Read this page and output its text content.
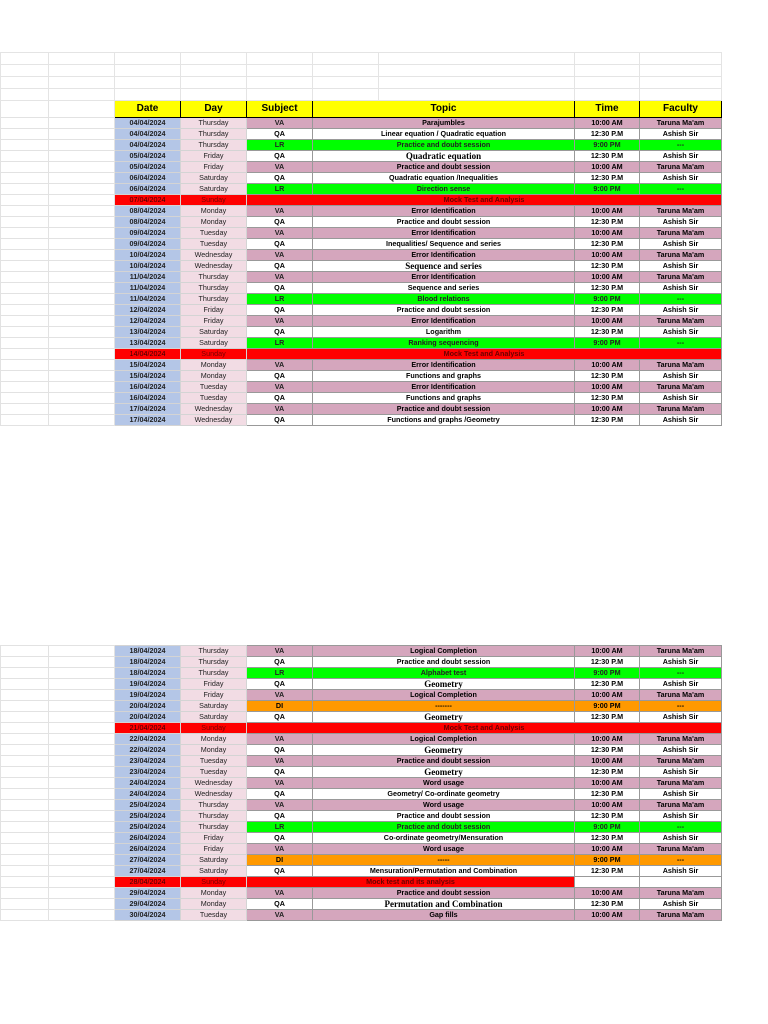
		Date	Day	Subject	Topic		Time	Faculty
		04/04/2024	Thursday	VA	Parajumbles		10:00 AM	Taruna Ma'am
		04/04/2024	Thursday	QA	Linear equation / Quadratic equation		12:30 P.M	Ashish Sir
		04/04/2024	Thursday	LR	Practice and doubt session		9:00 PM	---
		05/04/2024	Friday	QA	Quadratic equation		12:30 P.M	Ashish Sir
		05/04/2024	Friday	VA	Practice and doubt session		10:00 AM	Taruna Ma'am
		06/04/2024	Saturday	QA	Quadratic equation /Inequalities		12:30 P.M	Ashish Sir
		06/04/2024	Saturday	LR	Direction sense		9:00 PM	---
		07/04/2024	Sunday	Mock Test and Analysis				
		08/04/2024	Monday	VA	Error Identification		10:00 AM	Taruna Ma'am
		08/04/2024	Monday	QA	Practice and doubt session		12:30 P.M	Ashish Sir
		09/04/2024	Tuesday	VA	Error Identification		10:00 AM	Taruna Ma'am
		09/04/2024	Tuesday	QA	Inequalities/ Sequence and series		12:30 P.M	Ashish Sir
		10/04/2024	Wednesday	VA	Error Identification		10:00 AM	Taruna Ma'am
		10/04/2024	Wednesday	QA	Sequence and series		12:30 P.M	Ashish Sir
		11/04/2024	Thursday	VA	Error Identification		10:00 AM	Taruna Ma'am
		11/04/2024	Thursday	QA	Sequence and series		12:30 P.M	Ashish Sir
		11/04/2024	Thursday	LR	Blood relations		9:00 PM	---
		12/04/2024	Friday	QA	Practice and doubt session		12:30 P.M	Ashish Sir
		12/04/2024	Friday	VA	Error Identification		10:00 AM	Taruna Ma'am
		13/04/2024	Saturday	QA	Logarithm		12:30 P.M	Ashish Sir
		13/04/2024	Saturday	LR	Ranking sequencing		9:00 PM	---
		14/04/2024	Sunday	Mock Test and Analysis				
		15/04/2024	Monday	VA	Error Identification		10:00 AM	Taruna Ma'am
		15/04/2024	Monday	QA	Functions and graphs		12:30 P.M	Ashish Sir
		16/04/2024	Tuesday	VA	Error Identification		10:00 AM	Taruna Ma'am
		16/04/2024	Tuesday	QA	Functions and graphs		12:30 P.M	Ashish Sir
		17/04/2024	Wednesday	VA	Practice and doubt session		10:00 AM	Taruna Ma'am
		17/04/2024	Wednesday	QA	Functions and graphs /Geometry		12:30 P.M	Ashish Sir
		18/04/2024	Thursday	VA	Logical Completion	10:00 AM	Taruna Ma'am
		18/04/2024	Thursday	QA	Practice and doubt session	12:30 P.M	Ashish Sir
		18/04/2024	Thursday	LR	Alphabet test	9:00 PM	---
		19/04/2024	Friday	QA	Geometry	12:30 P.M	Ashish Sir
		19/04/2024	Friday	VA	Logical Completion	10:00 AM	Taruna Ma'am
		20/04/2024	Saturday	DI	-------	9:00 PM	---
		20/04/2024	Saturday	QA	Geometry	12:30 P.M	Ashish Sir
		21/04/2024	Sunday	Mock Test and Analysis			
		22/04/2024	Monday	VA	Logical Completion	10:00 AM	Taruna Ma'am
		22/04/2024	Monday	QA	Geometry	12:30 P.M	Ashish Sir
		23/04/2024	Tuesday	VA	Practice and doubt session	10:00 AM	Taruna Ma'am
		23/04/2024	Tuesday	QA	Geometry	12:30 P.M	Ashish Sir
		24/04/2024	Wednesday	VA	Word usage	10:00 AM	Taruna Ma'am
		24/04/2024	Wednesday	QA	Geometry/ Co-ordinate geometry	12:30 P.M	Ashish Sir
		25/04/2024	Thursday	VA	Word usage	10:00 AM	Taruna Ma'am
		25/04/2024	Thursday	QA	Practice and doubt session	12:30 P.M	Ashish Sir
		25/04/2024	Thursday	LR	Practice and doubt session	9:00 PM	---
		26/04/2024	Friday	QA	Co-ordinate geometry/Mensuration	12:30 P.M	Ashish Sir
		26/04/2024	Friday	VA	Word usage	10:00 AM	Taruna Ma'am
		27/04/2024	Saturday	DI	-----	9:00 PM	---
		27/04/2024	Saturday	QA	Mensuration/Permutation and Combination	12:30 P.M	Ashish Sir
		28/04/2024	Sunday	Mock test and its analysis			
		29/04/2024	Monday	VA	Practice and doubt session	10:00 AM	Taruna Ma'am
		29/04/2024	Monday	QA	Permutation and Combination	12:30 P.M	Ashish Sir
		30/04/2024	Tuesday	VA	Gap fills	10:00 AM	Taruna Ma'am
